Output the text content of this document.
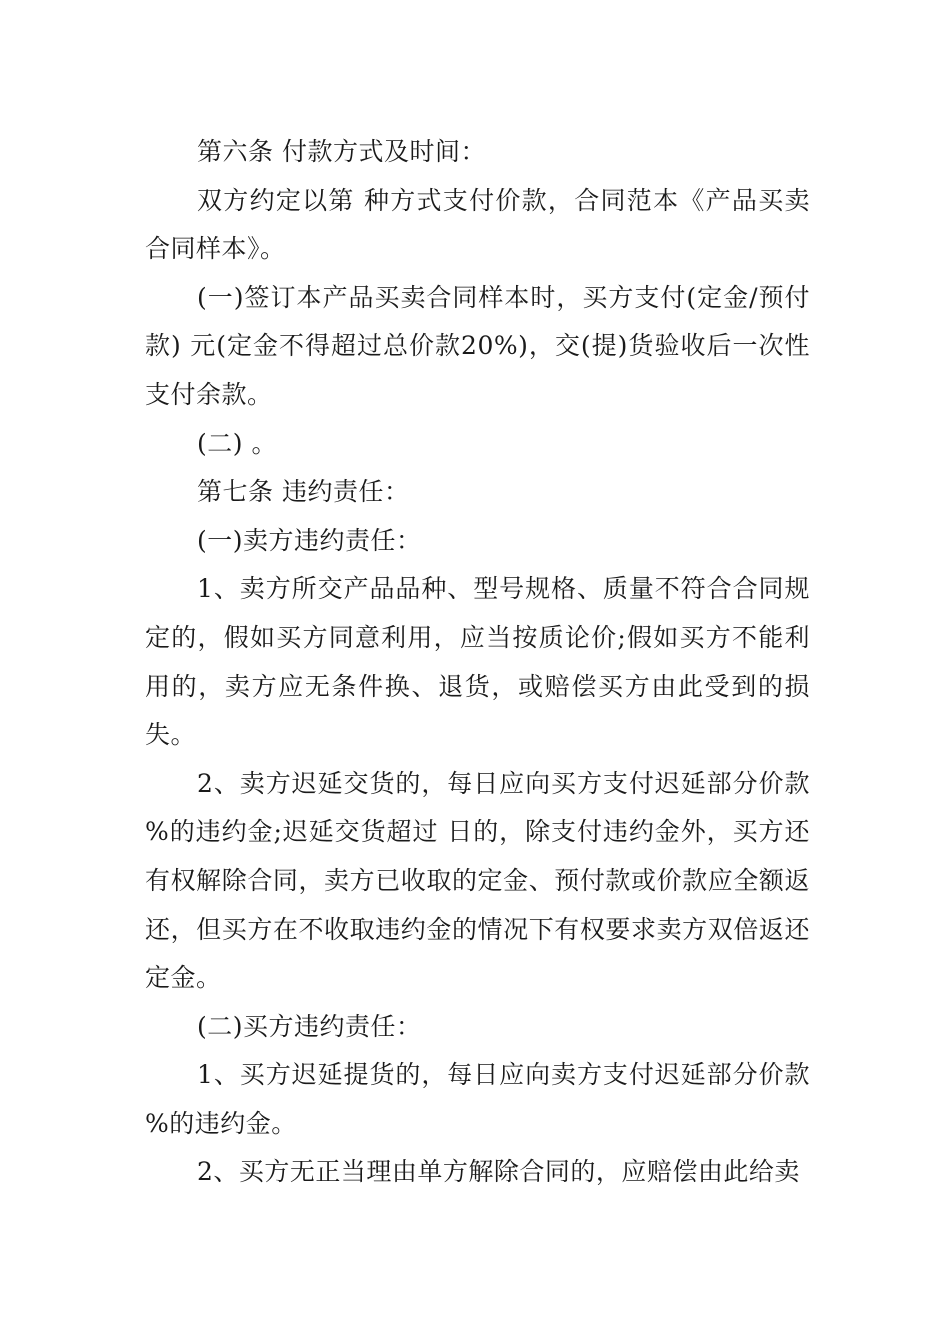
第六条 付款方式及时间：

双方约定以第 种方式支付价款，合同范本《产品买卖合同样本》。

(一)签订本产品买卖合同样本时，买方支付(定金/预付款) 元(定金不得超过总价款20%)，交(提)货验收后一次性支付余款。

(二) 。

第七条 违约责任：

(一)卖方违约责任：

1、卖方所交产品品种、型号规格、质量不符合合同规定的，假如买方同意利用，应当按质论价;假如买方不能利用的，卖方应无条件换、退货，或赔偿买方由此受到的损失。

2、卖方迟延交货的，每日应向买方支付迟延部分价款 %的违约金;迟延交货超过 日的，除支付违约金外，买方还有权解除合同，卖方已收取的定金、预付款或价款应全额返还，但买方在不收取违约金的情况下有权要求卖方双倍返还定金。

(二)买方违约责任：

1、买方迟延提货的，每日应向卖方支付迟延部分价款 %的违约金。

2、买方无正当理由单方解除合同的，应赔偿由此给卖
